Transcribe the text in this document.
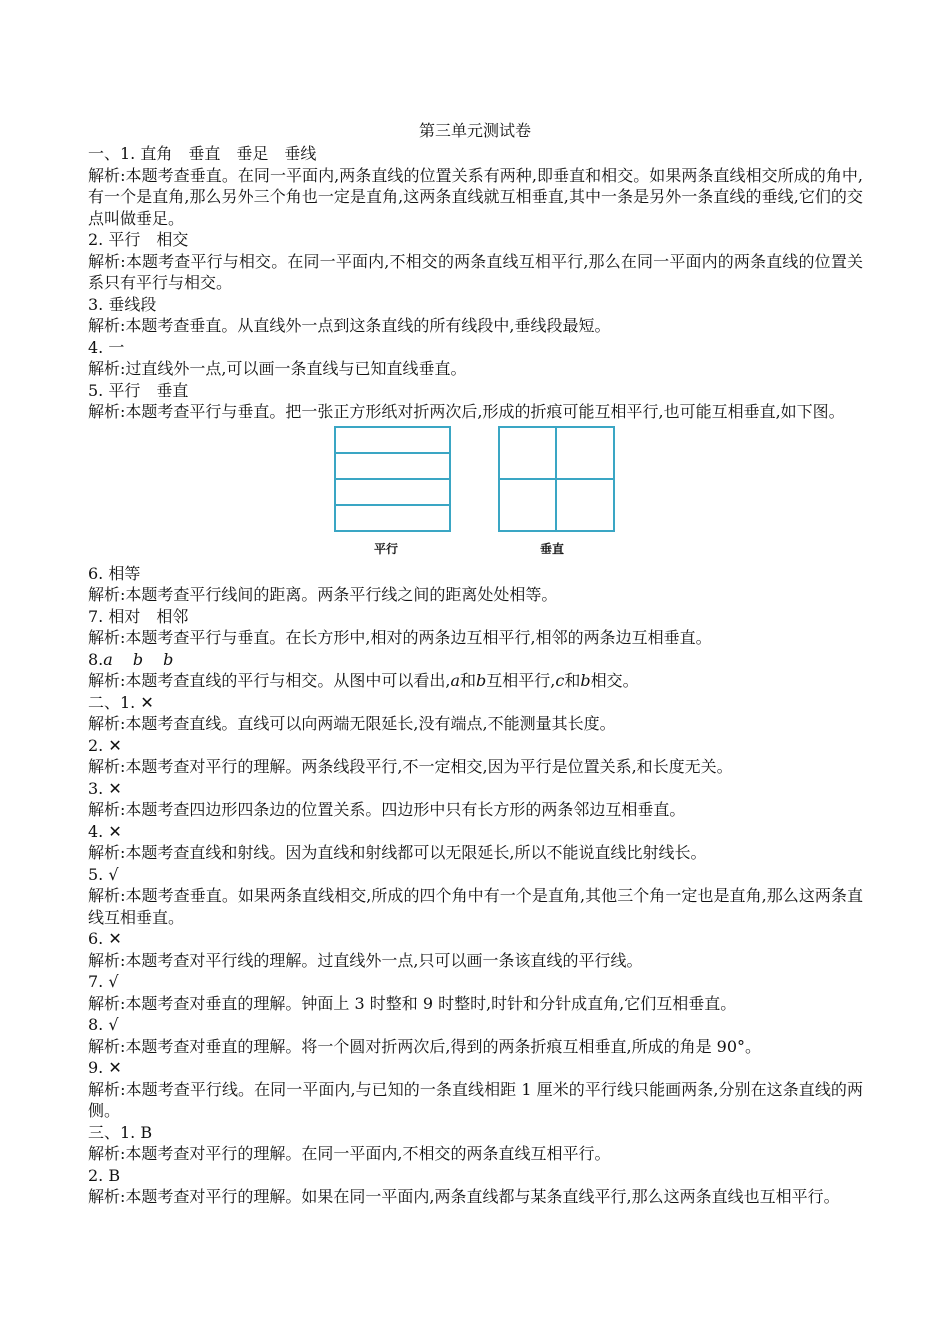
第三单元测试卷
一、1. 直角　垂直　垂足　垂线
解析:本题考查垂直。在同一平面内,两条直线的位置关系有两种,即垂直和相交。如果两条直线相交所成的角中,有一个是直角,那么另外三个角也一定是直角,这两条直线就互相垂直,其中一条是另外一条直线的垂线,它们的交点叫做垂足。
2. 平行　相交
解析:本题考查平行与相交。在同一平面内,不相交的两条直线互相平行,那么在同一平面内的两条直线的位置关系只有平行与相交。
3. 垂线段
解析:本题考查垂直。从直线外一点到这条直线的所有线段中,垂线段最短。
4. 一
解析:过直线外一点,可以画一条直线与已知直线垂直。
5. 平行　垂直
解析:本题考查平行与垂直。把一张正方形纸对折两次后,形成的折痕可能互相平行,也可能互相垂直,如下图。
平行	垂直
6. 相等
解析:本题考查平行线间的距离。两条平行线之间的距离处处相等。
7. 相对　相邻
解析:本题考查平行与垂直。在长方形中,相对的两条边互相平行,相邻的两条边互相垂直。
8.a b b
解析:本题考查直线的平行与相交。从图中可以看出,a和b互相平行,c和b相交。
二、1. ✕
解析:本题考查直线。直线可以向两端无限延长,没有端点,不能测量其长度。
2. ✕
解析:本题考查对平行的理解。两条线段平行,不一定相交,因为平行是位置关系,和长度无关。
3. ✕
解析:本题考查四边形四条边的位置关系。四边形中只有长方形的两条邻边互相垂直。
4. ✕
解析:本题考查直线和射线。因为直线和射线都可以无限延长,所以不能说直线比射线长。
5. √
解析:本题考查垂直。如果两条直线相交,所成的四个角中有一个是直角,其他三个角一定也是直角,那么这两条直线互相垂直。
6. ✕
解析:本题考查对平行线的理解。过直线外一点,只可以画一条该直线的平行线。
7. √
解析:本题考查对垂直的理解。钟面上 3 时整和 9 时整时,时针和分针成直角,它们互相垂直。
8. √
解析:本题考查对垂直的理解。将一个圆对折两次后,得到的两条折痕互相垂直,所成的角是 90°。
9. ✕
解析:本题考查平行线。在同一平面内,与已知的一条直线相距 1 厘米的平行线只能画两条,分别在这条直线的两侧。
三、1. B
解析:本题考查对平行的理解。在同一平面内,不相交的两条直线互相平行。
2. B
解析:本题考查对平行的理解。如果在同一平面内,两条直线都与某条直线平行,那么这两条直线也互相平行。
